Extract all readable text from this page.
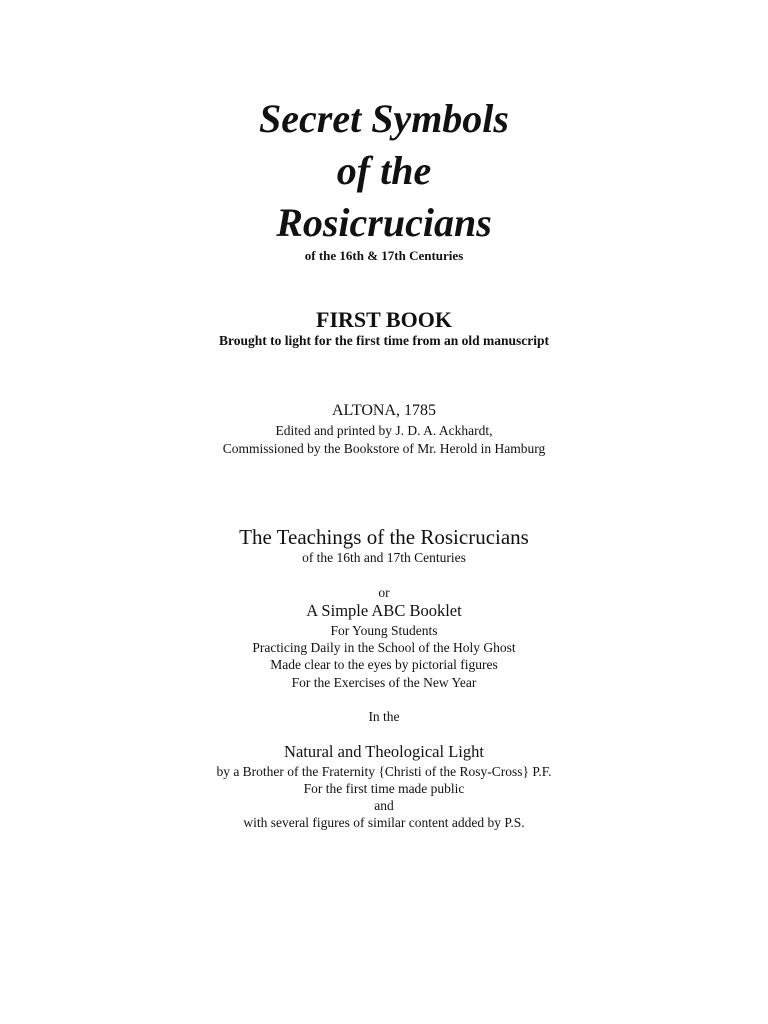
Secret Symbols
of the
Rosicrucians
of the 16th & 17th Centuries
FIRST BOOK
Brought to light for the first time from an old manuscript
ALTONA, 1785
Edited and printed by J. D. A. Ackhardt,
Commissioned by the Bookstore of Mr. Herold in Hamburg
The Teachings of the Rosicrucians
of the 16th and 17th Centuries
or
A Simple ABC Booklet
For Young Students
Practicing Daily in the School of the Holy Ghost
Made clear to the eyes by pictorial figures
For the Exercises of the New Year
In the
Natural and Theological Light
by a Brother of the Fraternity {Christi of the Rosy-Cross} P.F.
For the first time made public
and
with several figures of similar content added by P.S.
